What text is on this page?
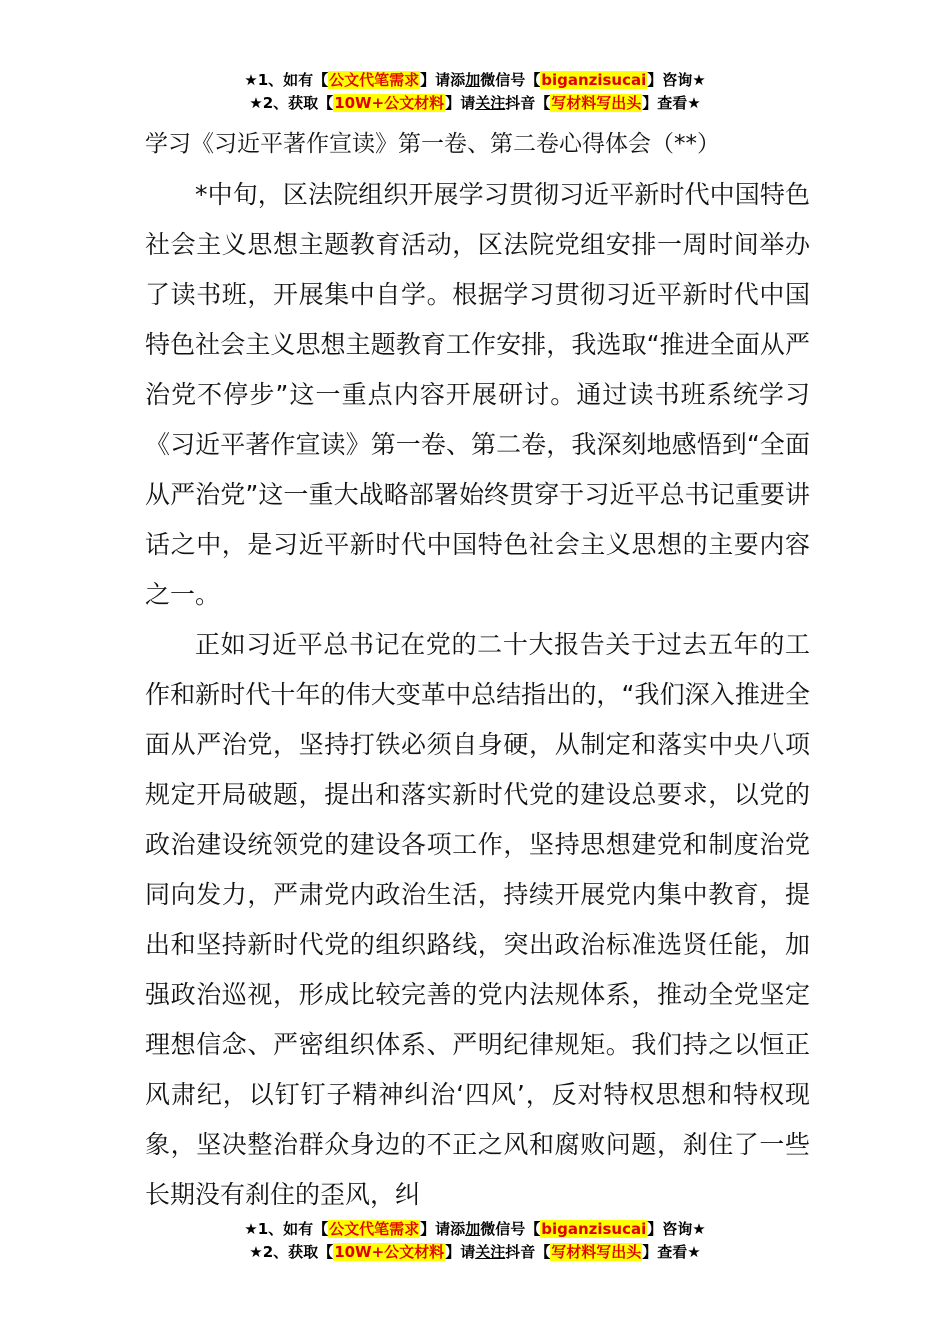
★1、如有【公文代笔需求】请添加微信号【biganzisucai】咨询★
★2、获取【10W+公文材料】请关注抖音【写材料写出头】查看★
学习《习近平著作宣读》第一卷、第二卷心得体会（**）

*中旬，区法院组织开展学习贯彻习近平新时代中国特色社会主义思想主题教育活动，区法院党组安排一周时间举办了读书班，开展集中自学。根据学习贯彻习近平新时代中国特色社会主义思想主题教育工作安排，我选取“推进全面从严治党不停步”这一重点内容开展研讨。通过读书班系统学习《习近平著作宣读》第一卷、第二卷，我深刻地感悟到“全面从严治党”这一重大战略部署始终贯穿于习近平总书记重要讲话之中，是习近平新时代中国特色社会主义思想的主要内容之一。

正如习近平总书记在党的二十大报告关于过去五年的工作和新时代十年的伟大变革中总结指出的，“我们深入推进全面从严治党，坚持打铁必须自身硬，从制定和落实中央八项规定开局破题，提出和落实新时代党的建设总要求，以党的政治建设统领党的建设各项工作，坚持思想建党和制度治党同向发力，严肃党内政治生活，持续开展党内集中教育，提出和坚持新时代党的组织路线，突出政治标准选贤任能，加强政治巡视，形成比较完善的党内法规体系，推动全党坚定理想信念、严密组织体系、严明纪律规矩。我们持之以恒正风肃纪，以钉钉子精神纠治‘四风’，反对特权思想和特权现象，坚决整治群众身边的不正之风和腐败问题，刹住了一些长期没有刹住的歪风，纠

★1、如有【公文代笔需求】请添加微信号【biganzisucai】咨询★
★2、获取【10W+公文材料】请关注抖音【写材料写出头】查看★
